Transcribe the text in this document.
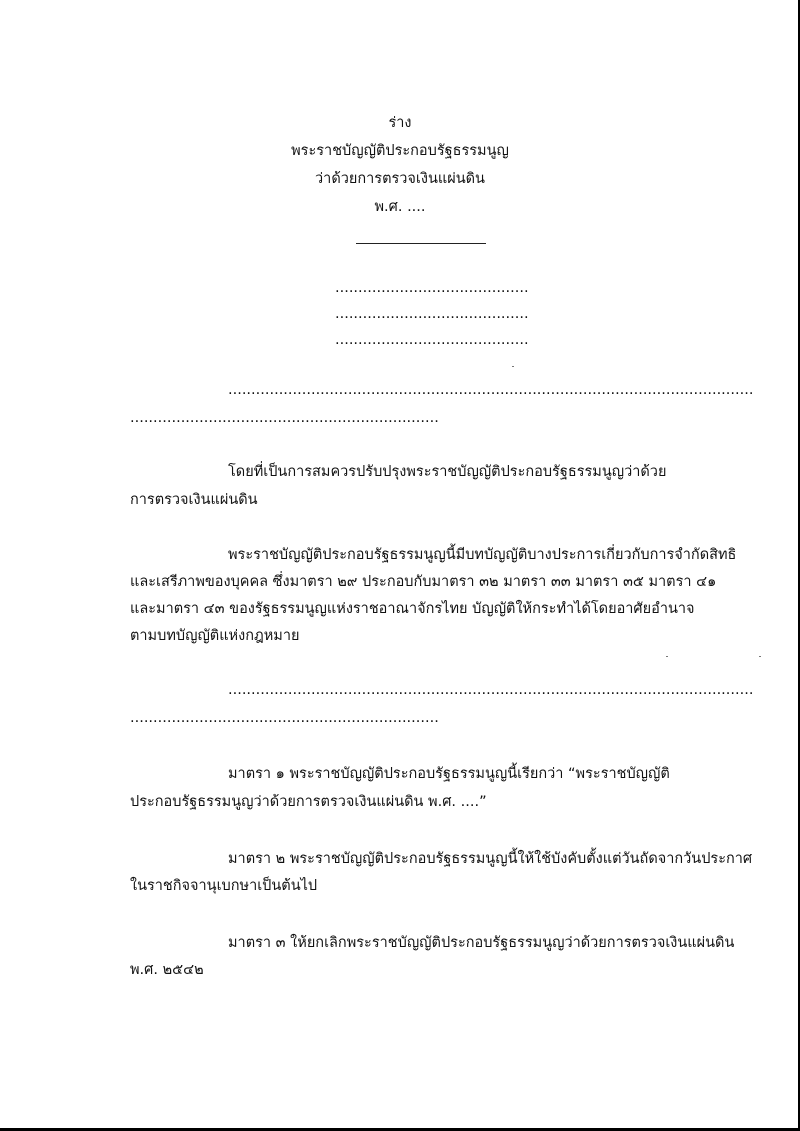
ร่าง
พระราชบัญญัติประกอบรัฐธรรมนูญ
ว่าด้วยการตรวจเงินแผ่นดิน
พ.ศ. ....
..........................................
..........................................
..........................................
..................................................................................................................
...................................................................
โดยที่เป็นการสมควรปรับปรุงพระราชบัญญัติประกอบรัฐธรรมนูญว่าด้วย
การตรวจเงินแผ่นดิน
พระราชบัญญัติประกอบรัฐธรรมนูญนี้มีบทบัญญัติบางประการเกี่ยวกับการจำกัดสิทธิ
และเสรีภาพของบุคคล ซึ่งมาตรา ๒๙ ประกอบกับมาตรา ๓๒ มาตรา ๓๓ มาตรา ๓๕ มาตรา ๔๑
และมาตรา ๔๓ ของรัฐธรรมนูญแห่งราชอาณาจักรไทย บัญญัติให้กระทำได้โดยอาศัยอำนาจ
ตามบทบัญญัติแห่งกฎหมาย
..................................................................................................................
...................................................................
มาตรา ๑ พระราชบัญญัติประกอบรัฐธรรมนูญนี้เรียกว่า “พระราชบัญญัติ
ประกอบรัฐธรรมนูญว่าด้วยการตรวจเงินแผ่นดิน พ.ศ. ....”
มาตรา ๒ พระราชบัญญัติประกอบรัฐธรรมนูญนี้ให้ใช้บังคับตั้งแต่วันถัดจากวันประกาศ
ในราชกิจจานุเบกษาเป็นต้นไป
มาตรา ๓ ให้ยกเลิกพระราชบัญญัติประกอบรัฐธรรมนูญว่าด้วยการตรวจเงินแผ่นดิน
พ.ศ. ๒๕๔๒
